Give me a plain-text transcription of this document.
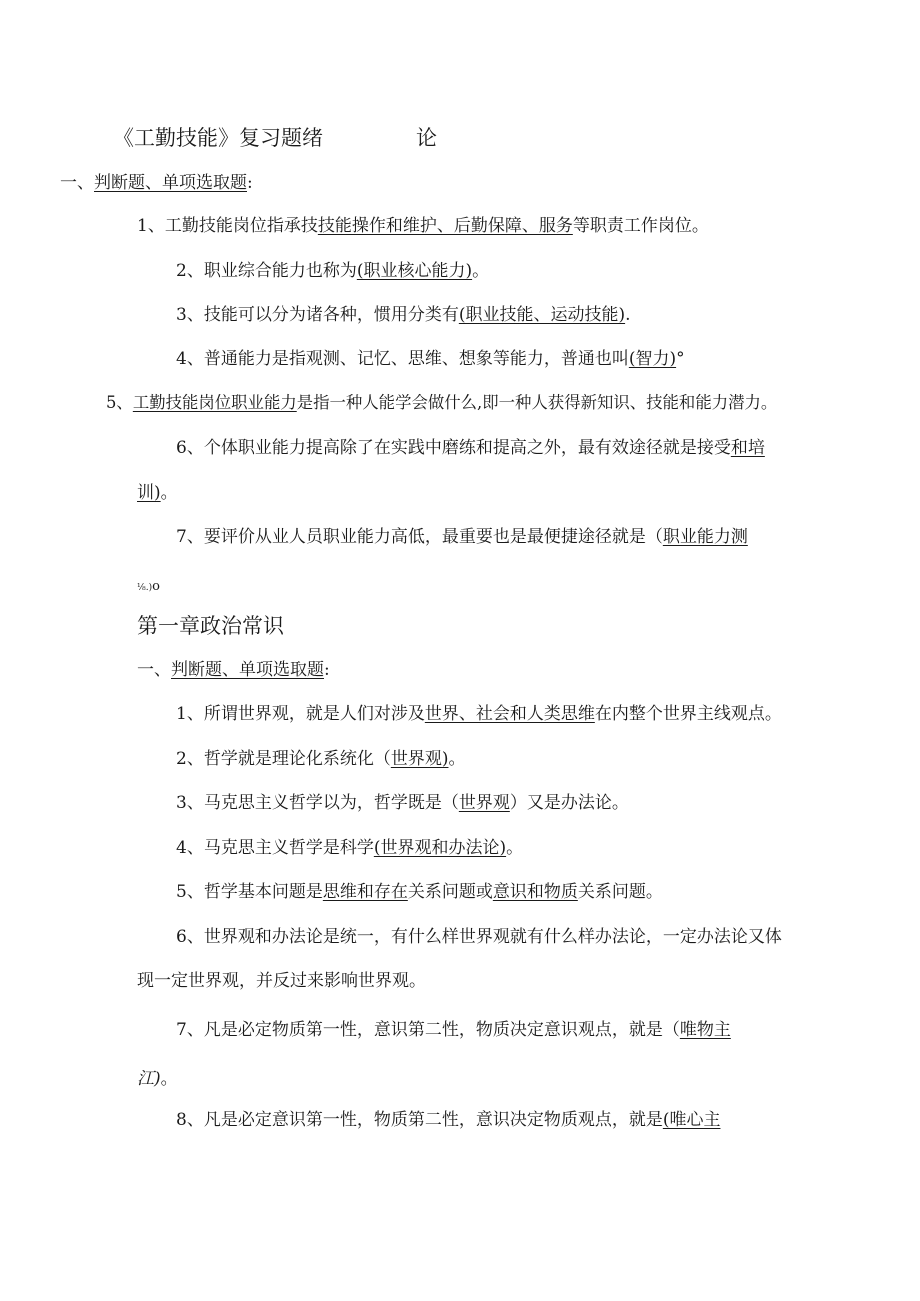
《工勤技能》复习题绪	论
一、判断题、单项选取题:
1、工勤技能岗位指承技技能操作和维护、后勤保障、服务等职责工作岗位。
2、职业综合能力也称为(职业核心能力)。
3、技能可以分为诸各种，惯用分类有(职业技能、运动技能).
4、普通能力是指观测、记忆、思维、想象等能力，普通也叫(智力)°
5、工勤技能岗位职业能力是指一种人能学会做什么,即一种人获得新知识、技能和能力潜力。
6、个体职业能力提高除了在实践中磨练和提高之外，最有效途径就是接受和培
训)。
7、要评价从业人员职业能力高低，最重要也是最便捷途径就是（职业能力测
⅛.)o
第一章政治常识
一、判断题、单项选取题:
1、所谓世界观，就是人们对涉及世界、社会和人类思维在内整个世界主线观点。
2、哲学就是理论化系统化（世界观)。
3、马克思主义哲学以为，哲学既是（世界观）又是办法论。
4、马克思主义哲学是科学(世界观和办法论)。
5、哲学基本问题是思维和存在关系问题或意识和物质关系问题。
6、世界观和办法论是统一，有什么样世界观就有什么样办法论，一定办法论又体
现一定世界观，并反过来影响世界观。
7、凡是必定物质第一性，意识第二性，物质决定意识观点，就是（唯物主
江)。
8、凡是必定意识第一性，物质第二性，意识决定物质观点，就是(唯心主
